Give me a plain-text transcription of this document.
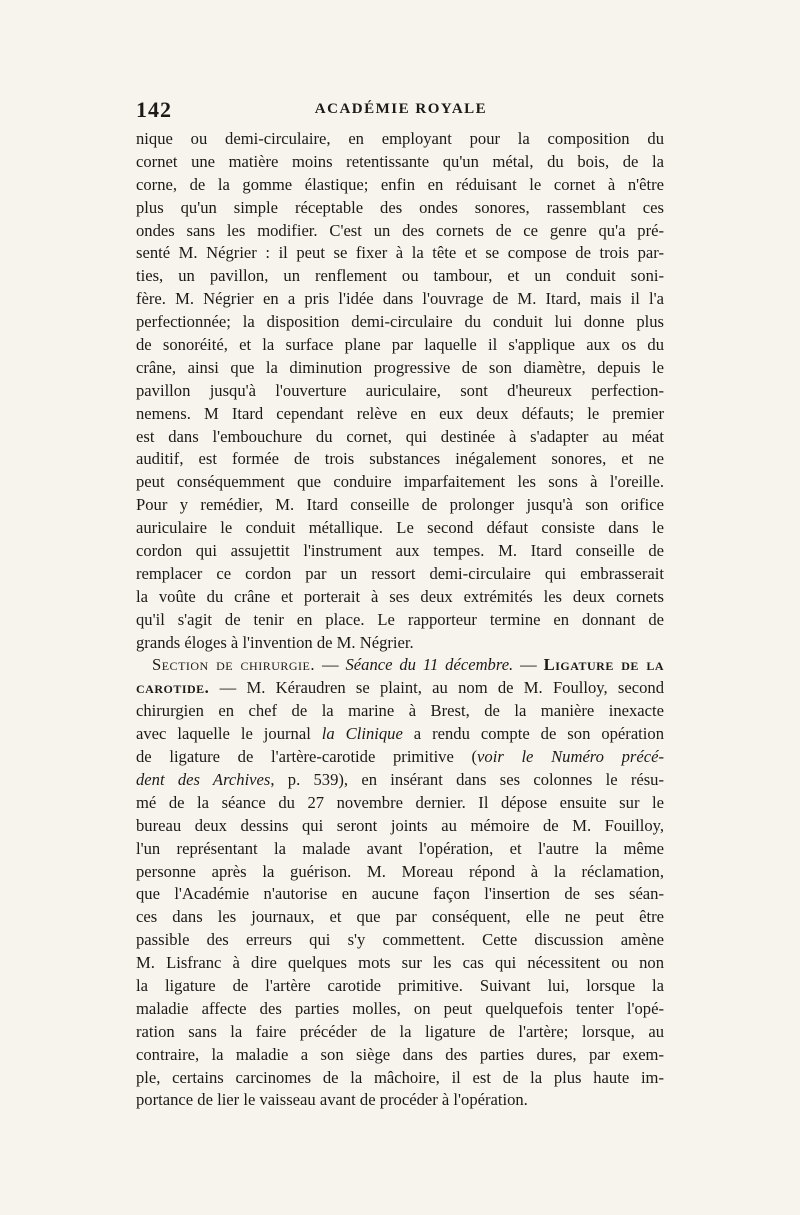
142	ACADÉMIE ROYALE
nique ou demi-circulaire, en employant pour la composition du
cornet une matière moins retentissante qu'un métal, du bois, de la
corne, de la gomme élastique; enfin en réduisant le cornet à n'être
plus qu'un simple réceptable des ondes sonores, rassemblant ces
ondes sans les modifier. C'est un des cornets de ce genre qu'a pré-
senté M. Négrier : il peut se fixer à la tête et se compose de trois par-
ties, un pavillon, un renflement ou tambour, et un conduit soni-
fère. M. Négrier en a pris l'idée dans l'ouvrage de M. Itard, mais il l'a
perfectionnée; la disposition demi-circulaire du conduit lui donne plus
de sonoréité, et la surface plane par laquelle il s'applique aux os du
crâne, ainsi que la diminution progressive de son diamètre, depuis le
pavillon jusqu'à l'ouverture auriculaire, sont d'heureux perfection-
nemens. M Itard cependant relève en eux deux défauts; le premier
est dans l'embouchure du cornet, qui destinée à s'adapter au méat
auditif, est formée de trois substances inégalement sonores, et ne
peut conséquemment que conduire imparfaitement les sons à l'oreille.
Pour y remédier, M. Itard conseille de prolonger jusqu'à son orifice
auriculaire le conduit métallique. Le second défaut consiste dans le
cordon qui assujettit l'instrument aux tempes. M. Itard conseille de
remplacer ce cordon par un ressort demi-circulaire qui embrasserait
la voûte du crâne et porterait à ses deux extrémités les deux cornets
qu'il s'agit de tenir en place. Le rapporteur termine en donnant de
grands éloges à l'invention de M. Négrier.
Section de chirurgie. — Séance du 11 décembre. — Ligature de la
carotide. — M. Kéraudren se plaint, au nom de M. Foulloy, second
chirurgien en chef de la marine à Brest, de la manière inexacte
avec laquelle le journal la Clinique a rendu compte de son opération
de ligature de l'artère-carotide primitive (voir le Numéro précé-
dent des Archives, p. 539), en insérant dans ses colonnes le résu-
mé de la séance du 27 novembre dernier. Il dépose ensuite sur le
bureau deux dessins qui seront joints au mémoire de M. Fouilloy,
l'un représentant la malade avant l'opération, et l'autre la même
personne après la guérison. M. Moreau répond à la réclamation,
que l'Académie n'autorise en aucune façon l'insertion de ses séan-
ces dans les journaux, et que par conséquent, elle ne peut être
passible des erreurs qui s'y commettent. Cette discussion amène
M. Lisfranc à dire quelques mots sur les cas qui nécessitent ou non
la ligature de l'artère carotide primitive. Suivant lui, lorsque la
maladie affecte des parties molles, on peut quelquefois tenter l'opé-
ration sans la faire précéder de la ligature de l'artère; lorsque, au
contraire, la maladie a son siège dans des parties dures, par exem-
ple, certains carcinomes de la mâchoire, il est de la plus haute im-
portance de lier le vaisseau avant de procéder à l'opération.
